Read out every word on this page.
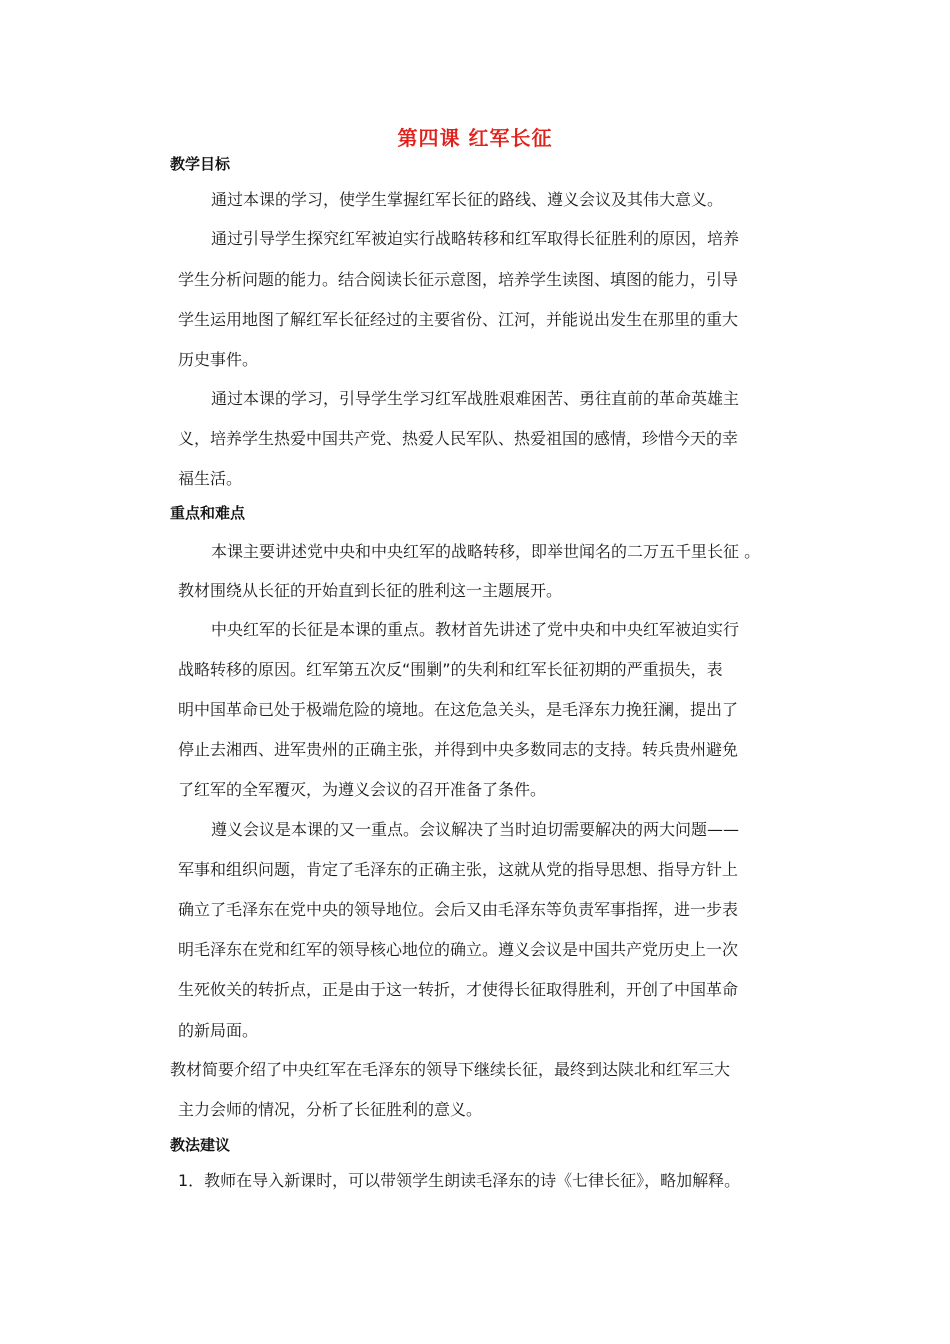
第四课 红军长征
教学目标
通过本课的学习，使学生掌握红军长征的路线、遵义会议及其伟大意义。
通过引导学生探究红军被迫实行战略转移和红军取得长征胜利的原因，培养
学生分析问题的能力。结合阅读长征示意图，培养学生读图、填图的能力，引导
学生运用地图了解红军长征经过的主要省份、江河，并能说出发生在那里的重大
历史事件。
通过本课的学习，引导学生学习红军战胜艰难困苦、勇往直前的革命英雄主
义，培养学生热爱中国共产党、热爱人民军队、热爱祖国的感情，珍惜今天的幸
福生活。
重点和难点
本课主要讲述党中央和中央红军的战略转移，即举世闻名的二万五千里长征 。
教材围绕从长征的开始直到长征的胜利这一主题展开。
中央红军的长征是本课的重点。教材首先讲述了党中央和中央红军被迫实行
战略转移的原因。红军第五次反“围剿”的失利和红军长征初期的严重损失，表
明中国革命已处于极端危险的境地。在这危急关头，是毛泽东力挽狂澜，提出了
停止去湘西、进军贵州的正确主张，并得到中央多数同志的支持。转兵贵州避免
了红军的全军覆灭，为遵义会议的召开准备了条件。
遵义会议是本课的又一重点。会议解决了当时迫切需要解决的两大问题——
军事和组织问题，肯定了毛泽东的正确主张，这就从党的指导思想、指导方针上
确立了毛泽东在党中央的领导地位。会后又由毛泽东等负责军事指挥，进一步表
明毛泽东在党和红军的领导核心地位的确立。遵义会议是中国共产党历史上一次
生死攸关的转折点，正是由于这一转折，才使得长征取得胜利，开创了中国革命
的新局面。
教材简要介绍了中央红军在毛泽东的领导下继续长征，最终到达陕北和红军三大
主力会师的情况，分析了长征胜利的意义。
教法建议
1．教师在导入新课时，可以带领学生朗读毛泽东的诗《七律长征》，略加解释。
